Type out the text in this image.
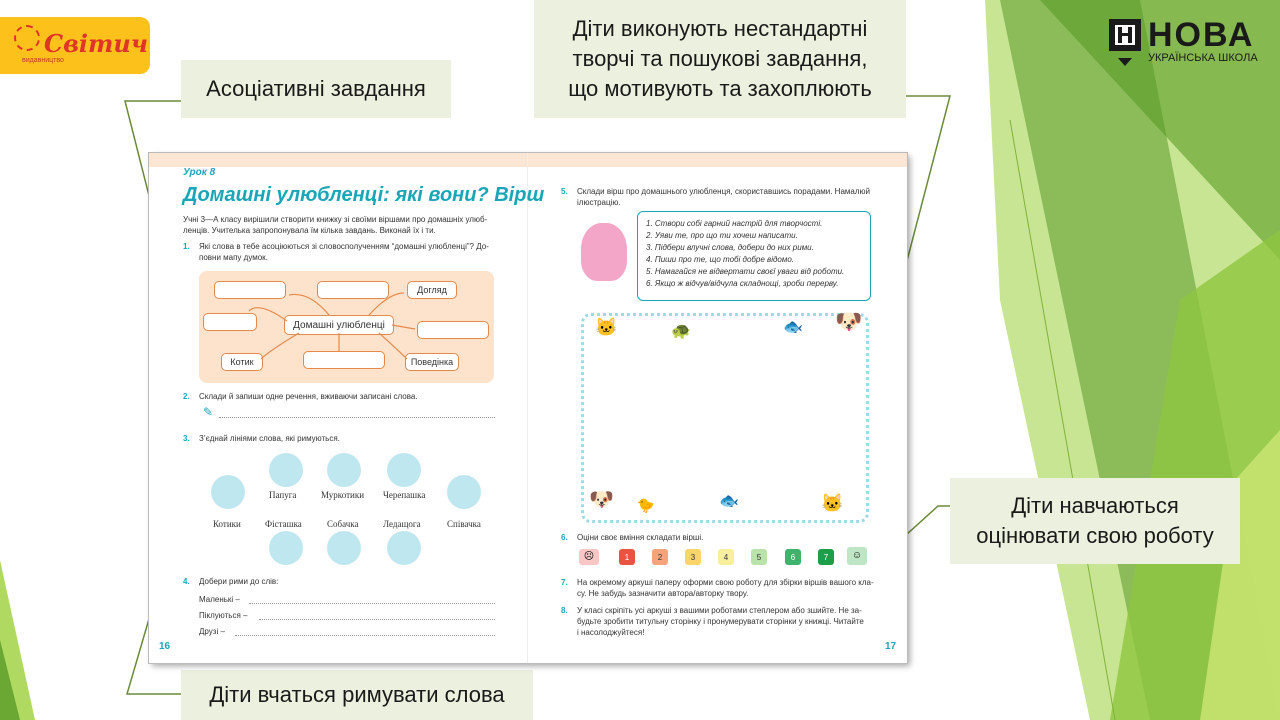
Світич
видавництво
НОВА
УКРАЇНСЬКА ШКОЛА
Асоціативні завдання
Діти виконують нестандартні
творчі та пошукові завдання,
що мотивують та захоплюють
Діти навчаються
оцінювати свою роботу
Діти вчаться римувати слова
Урок 8
Домашні улюбленці: які вони? Вірш
Учні 3—А класу вирішили створити книжку зі своїми віршами про домашніх улюб-
ленців. Учителька запропонувала їм кілька завдань. Виконай їх і ти.
1. Які слова в тебе асоціюються зі словосполученням “домашні улюбленці”? До-
повни мапу думок.
Догляд
Домашні улюбленці
Котик	Поведінка
2. Склади й запиши одне речення, вживаючи записані слова.
✎
3. З’єднай лініями слова, які римуються.
Котики
Папуга	Муркотики Черепашка
Співачка
Фісташка	Собачка	Ледащога
4. Добери рими до слів:
Маленькі –
Піклуються –
Друзі –
16
5. Склади вірш про домашнього улюбленця, скориставшись порадами. Намалюй
ілюстрацію.
1. Створи собі гарний настрій для творчості.
2. Уяви те, про що ти хочеш написати.
3. Підбери влучні слова, добери до них рими.
4. Пиши про те, що тобі добре відомо.
5. Намагайся не відвертати своєї уваги від роботи.
6. Якщо ж відчув/відчула складнощі, зроби перерву.
🐱	🐶
🐢	🐟
🐶	🐱
🐤	🐟
6. Оціни своє вміння складати вірші.
☹	1	2	3	4	5	6	7	☺
7. На окремому аркуші паперу оформи свою роботу для збірки віршів вашого кла-
су. Не забудь зазначити автора/авторку твору.
8. У класі скріпіть усі аркуші з вашими роботами степлером або зшийте. Не за-
будьте зробити титульну сторінку і пронумерувати сторінки у книжці. Читайте
і насолоджуйтеся!
17
